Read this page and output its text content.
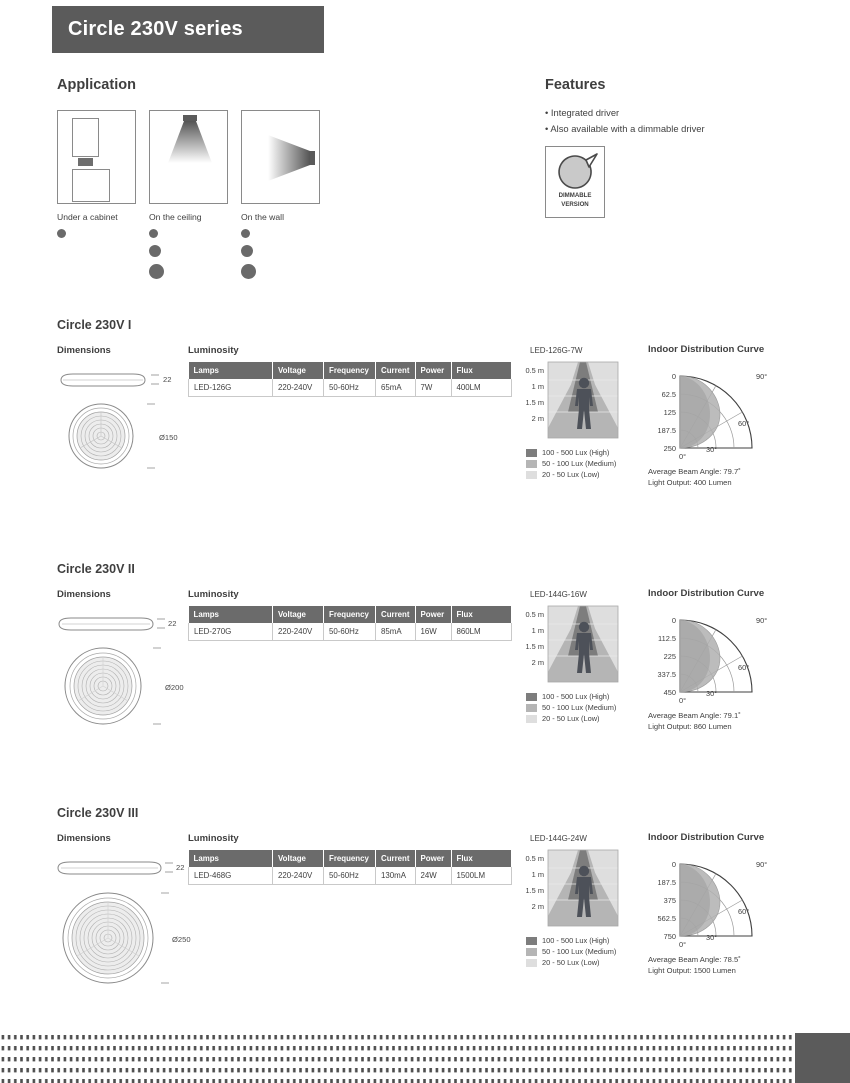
Circle 230V series
Application
Under a cabinet	On the ceiling	On the wall
Features
• Integrated driver
• Also available with a dimmable driver
DIMMABLE
VERSION
Circle 230V I
Dimensions	Luminosity
22
Ø150
Lamps	Voltage	Frequency	Current	Power	Flux
LED-126G	220-240V	50-60Hz	65mA	7W	400LM
LED-126G-7W
0.5 m
1 m
1.5 m
2 m
100 - 500 Lux (High)
50 - 100 Lux (Medium)
20 - 50 Lux (Low)
Indoor Distribution Curve
0
62.5
125
187.5
250
90°
60°
30°
0°
Average Beam Angle: 79.7˚
Light Output: 400 Lumen
Circle 230V II
Dimensions	Luminosity
22
Ø200
Lamps	Voltage	Frequency	Current	Power	Flux
LED-270G	220-240V	50-60Hz	85mA	16W	860LM
LED-144G-16W
0.5 m
1 m
1.5 m
2 m
100 - 500 Lux (High)
50 - 100 Lux (Medium)
20 - 50 Lux (Low)
Indoor Distribution Curve
0
112.5
225
337.5
450
90°
60°
30°
0°
Average Beam Angle: 79.1˚
Light Output: 860 Lumen
Circle 230V III
Dimensions	Luminosity
22
Ø250
Lamps	Voltage	Frequency	Current	Power	Flux
LED-468G	220-240V	50-60Hz	130mA	24W	1500LM
LED-144G-24W
0.5 m
1 m
1.5 m
2 m
100 - 500 Lux (High)
50 - 100 Lux (Medium)
20 - 50 Lux (Low)
Indoor Distribution Curve
0
187.5
375
562.5
750
90°
60°
30°
0°
Average Beam Angle: 78.5˚
Light Output: 1500 Lumen
